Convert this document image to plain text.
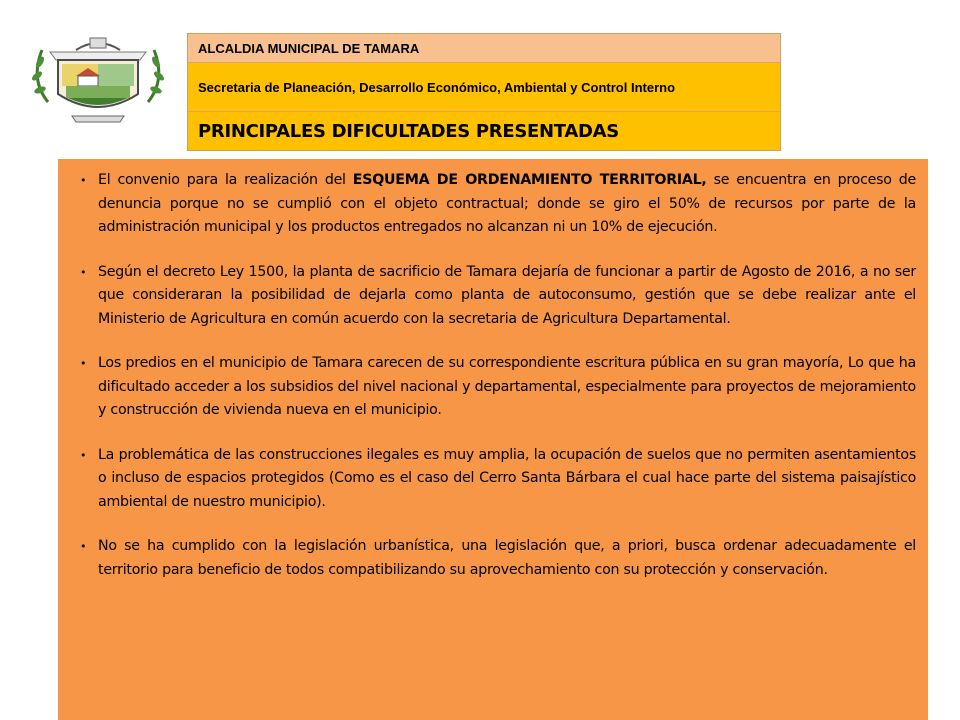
ALCALDIA MUNICIPAL DE TAMARA
Secretaria de Planeación, Desarrollo Económico, Ambiental y Control Interno
PRINCIPALES DIFICULTADES PRESENTADAS
• El convenio para la realización del ESQUEMA DE ORDENAMIENTO TERRITORIAL, se encuentra en proceso de denuncia porque no se cumplió con el objeto contractual; donde se giro el 50% de recursos por parte de la administración municipal y los productos entregados no alcanzan ni un 10% de ejecución.
• Según el decreto Ley 1500, la planta de sacrificio de Tamara dejaría de funcionar a partir de Agosto de 2016, a no ser que consideraran la posibilidad de dejarla como planta de autoconsumo, gestión que se debe realizar ante el Ministerio de Agricultura en común acuerdo con la secretaria de Agricultura Departamental.
• Los predios en el municipio de Tamara carecen de su correspondiente escritura pública en su gran mayoría, Lo que ha dificultado acceder a los subsidios del nivel nacional y departamental, especialmente para proyectos de mejoramiento y construcción de vivienda nueva en el municipio.
• La problemática de las construcciones ilegales es muy amplia, la ocupación de suelos que no permiten asentamientos o incluso de espacios protegidos (Como es el caso del Cerro Santa Bárbara el cual hace parte del sistema paisajístico ambiental de nuestro municipio).
• No se ha cumplido con la legislación urbanística, una legislación que, a priori, busca ordenar adecuadamente el territorio para beneficio de todos compatibilizando su aprovechamiento con su protección y conservación.
